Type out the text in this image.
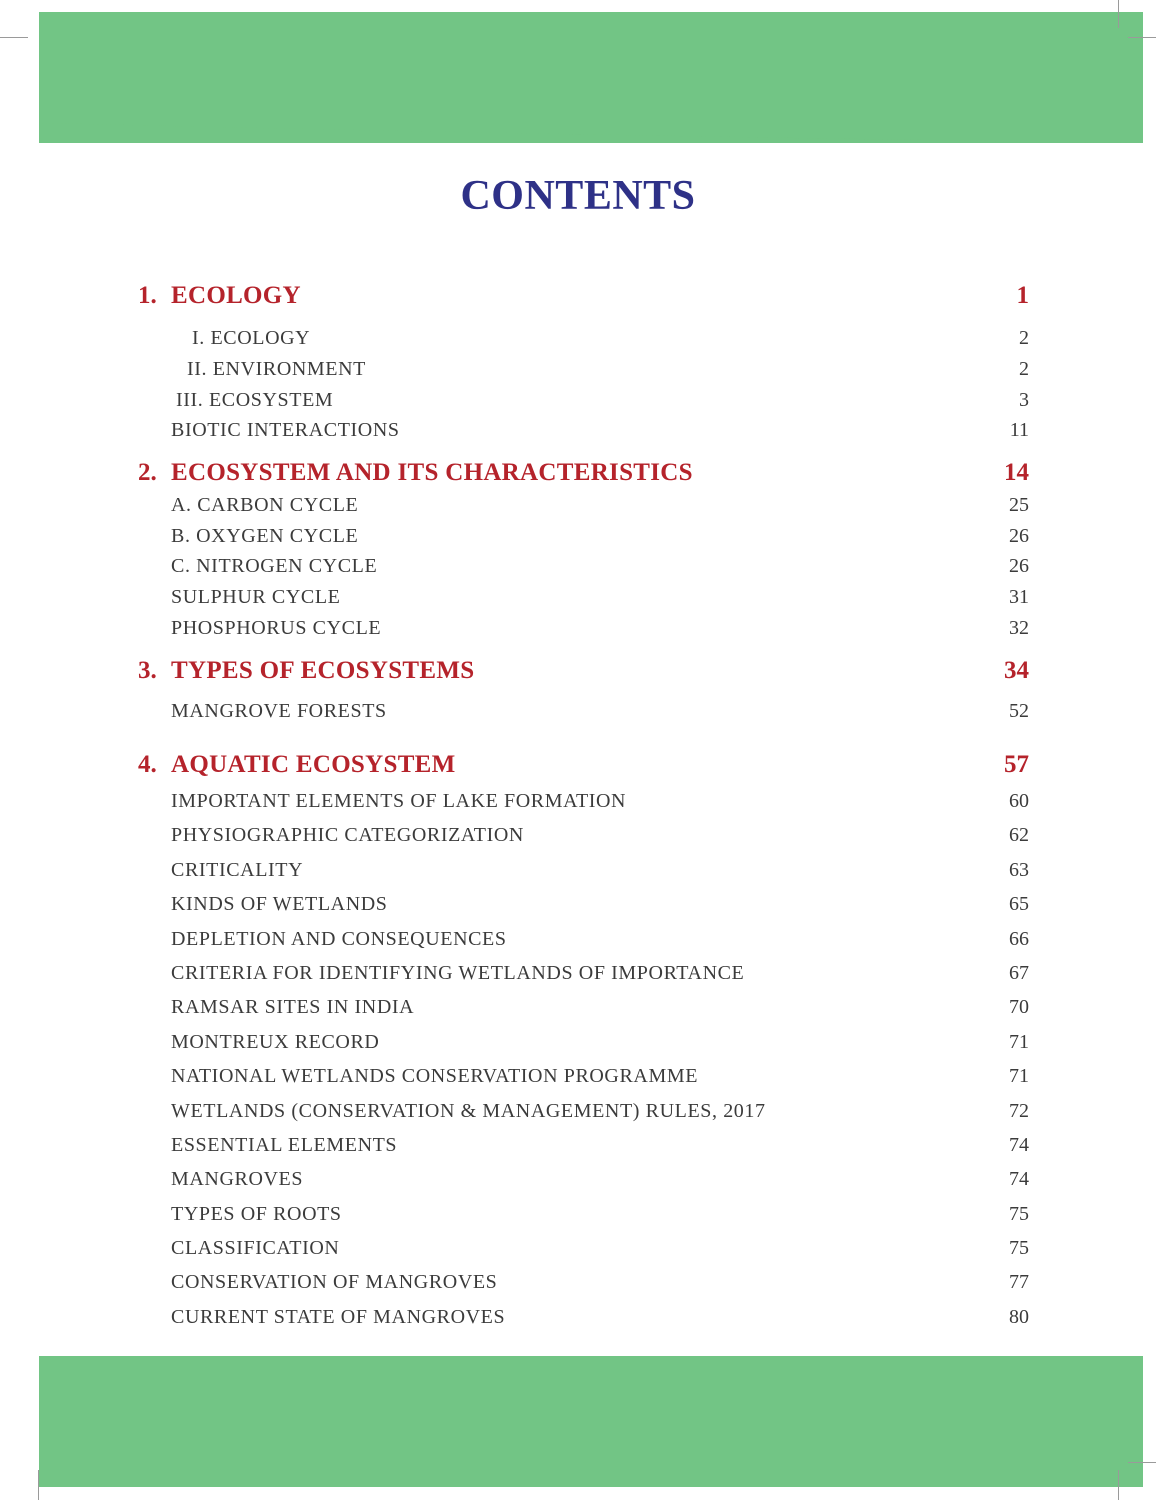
CONTENTS
1. ECOLOGY	1
I. ECOLOGY	2
II. ENVIRONMENT	2
III. ECOSYSTEM	3
BIOTIC INTERACTIONS	11
2. ECOSYSTEM AND ITS CHARACTERISTICS	14
A. CARBON CYCLE	25
B. OXYGEN CYCLE	26
C. NITROGEN CYCLE	26
SULPHUR CYCLE	31
PHOSPHORUS CYCLE	32
3. TYPES OF ECOSYSTEMS	34
MANGROVE FORESTS	52
4. AQUATIC ECOSYSTEM	57
IMPORTANT ELEMENTS OF LAKE FORMATION	60
PHYSIOGRAPHIC CATEGORIZATION	62
CRITICALITY	63
KINDS OF WETLANDS	65
DEPLETION AND CONSEQUENCES	66
CRITERIA FOR IDENTIFYING WETLANDS OF IMPORTANCE	67
RAMSAR SITES IN INDIA	70
MONTREUX RECORD	71
NATIONAL WETLANDS CONSERVATION PROGRAMME	71
WETLANDS (CONSERVATION & MANAGEMENT) RULES, 2017	72
ESSENTIAL ELEMENTS	74
MANGROVES	74
TYPES OF ROOTS	75
CLASSIFICATION	75
CONSERVATION OF MANGROVES	77
CURRENT STATE OF MANGROVES	80
